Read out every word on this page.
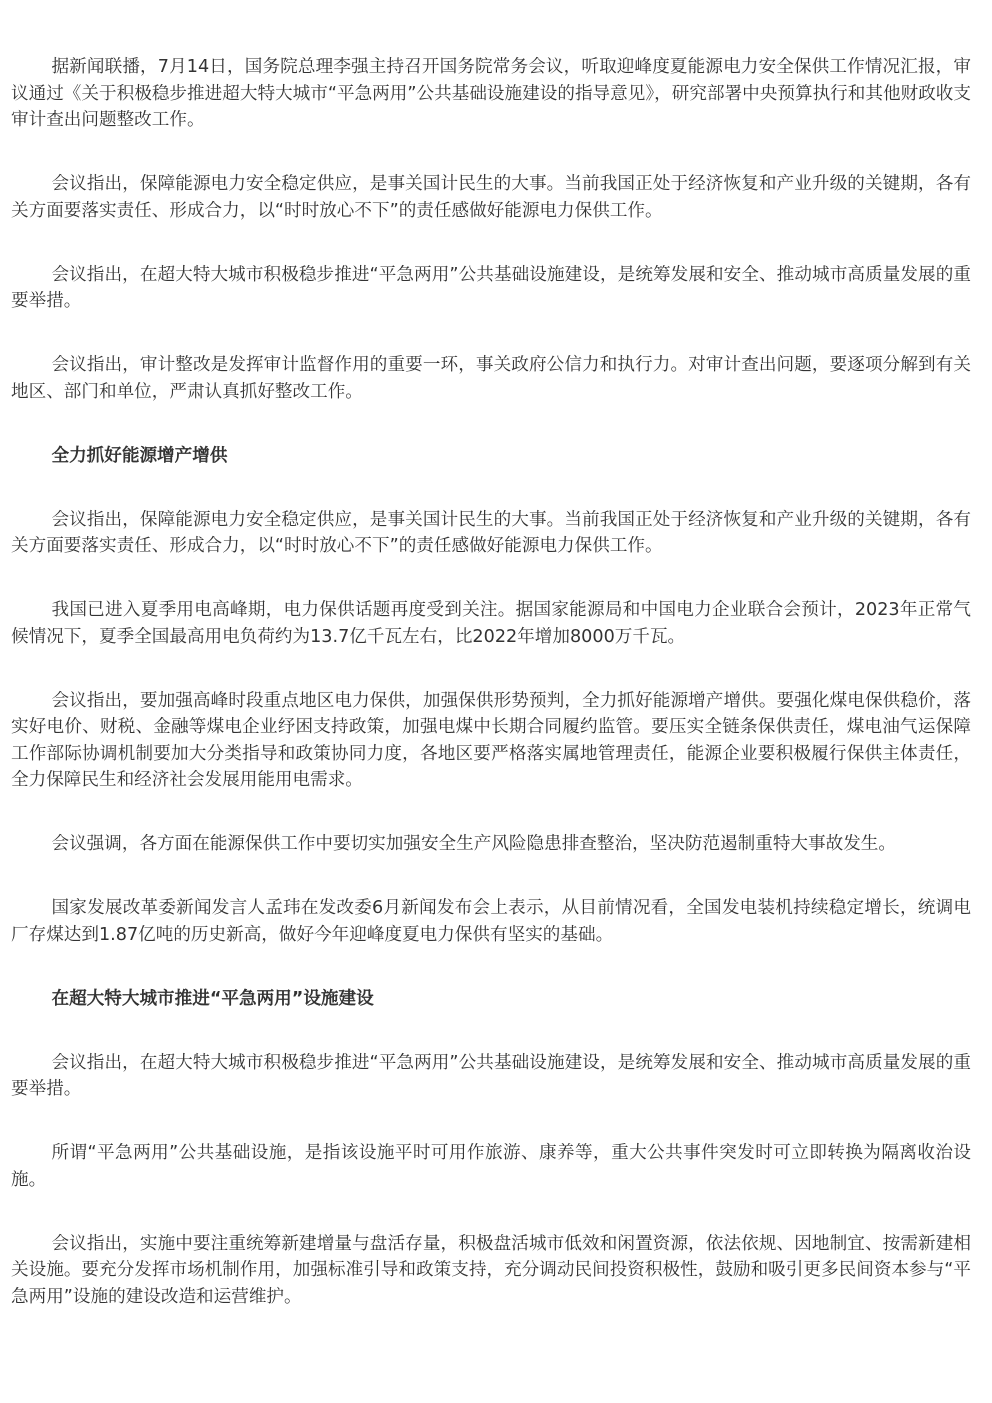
据新闻联播，7月14日，国务院总理李强主持召开国务院常务会议，听取迎峰度夏能源电力安全保供工作情况汇报，审议通过《关于积极稳步推进超大特大城市“平急两用”公共基础设施建设的指导意见》，研究部署中央预算执行和其他财政收支审计查出问题整改工作。

会议指出，保障能源电力安全稳定供应，是事关国计民生的大事。当前我国正处于经济恢复和产业升级的关键期，各有关方面要落实责任、形成合力，以“时时放心不下”的责任感做好能源电力保供工作。

会议指出，在超大特大城市积极稳步推进“平急两用”公共基础设施建设，是统筹发展和安全、推动城市高质量发展的重要举措。

会议指出，审计整改是发挥审计监督作用的重要一环，事关政府公信力和执行力。对审计查出问题，要逐项分解到有关地区、部门和单位，严肃认真抓好整改工作。

全力抓好能源增产增供

会议指出，保障能源电力安全稳定供应，是事关国计民生的大事。当前我国正处于经济恢复和产业升级的关键期，各有关方面要落实责任、形成合力，以“时时放心不下”的责任感做好能源电力保供工作。

我国已进入夏季用电高峰期，电力保供话题再度受到关注。据国家能源局和中国电力企业联合会预计，2023年正常气候情况下，夏季全国最高用电负荷约为13.7亿千瓦左右，比2022年增加8000万千瓦。

会议指出，要加强高峰时段重点地区电力保供，加强保供形势预判，全力抓好能源增产增供。要强化煤电保供稳价，落实好电价、财税、金融等煤电企业纾困支持政策，加强电煤中长期合同履约监管。要压实全链条保供责任，煤电油气运保障工作部际协调机制要加大分类指导和政策协同力度，各地区要严格落实属地管理责任，能源企业要积极履行保供主体责任，全力保障民生和经济社会发展用能用电需求。

会议强调，各方面在能源保供工作中要切实加强安全生产风险隐患排查整治，坚决防范遏制重特大事故发生。

国家发展改革委新闻发言人孟玮在发改委6月新闻发布会上表示，从目前情况看，全国发电装机持续稳定增长，统调电厂存煤达到1.87亿吨的历史新高，做好今年迎峰度夏电力保供有坚实的基础。

在超大特大城市推进“平急两用”设施建设

会议指出，在超大特大城市积极稳步推进“平急两用”公共基础设施建设，是统筹发展和安全、推动城市高质量发展的重要举措。

所谓“平急两用”公共基础设施，是指该设施平时可用作旅游、康养等，重大公共事件突发时可立即转换为隔离收治设施。

会议指出，实施中要注重统筹新建增量与盘活存量，积极盘活城市低效和闲置资源，依法依规、因地制宜、按需新建相关设施。要充分发挥市场机制作用，加强标准引导和政策支持，充分调动民间投资积极性，鼓励和吸引更多民间资本参与“平急两用”设施的建设改造和运营维护。
